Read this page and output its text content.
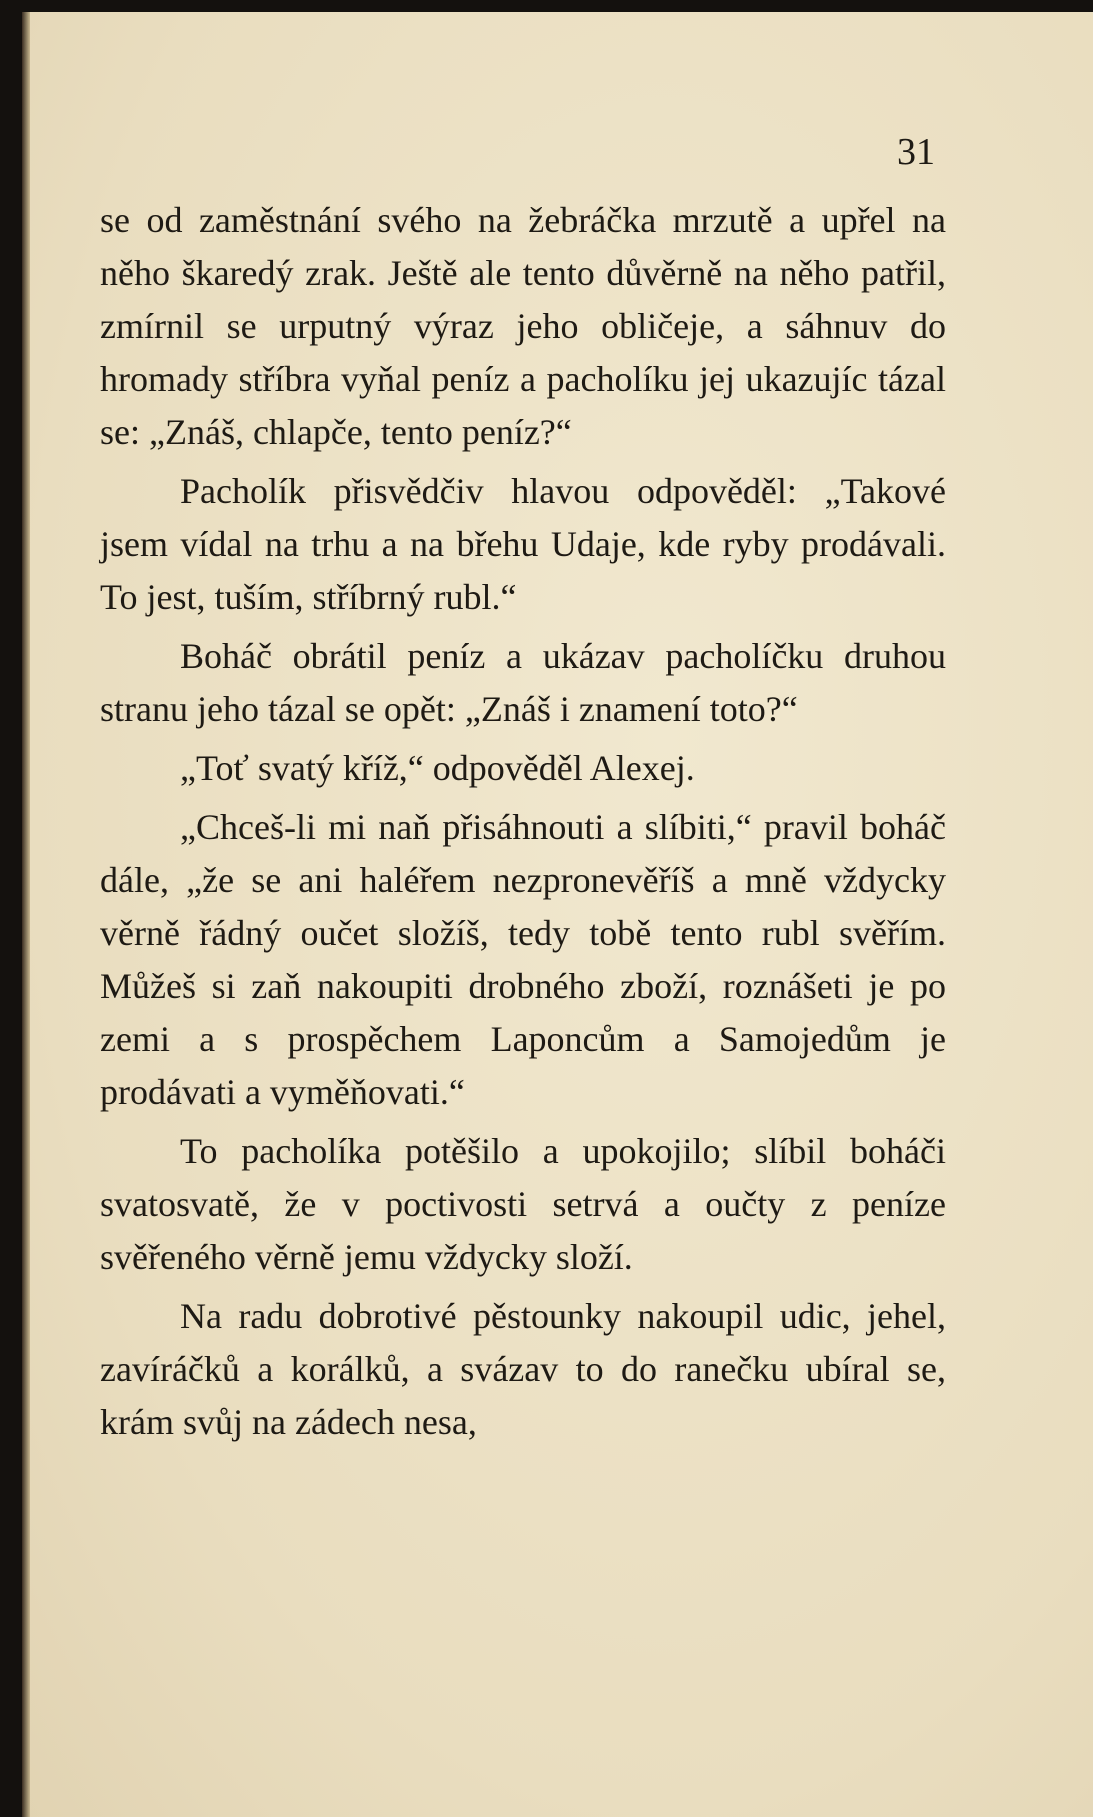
31

se od zaměstnání svého na žebráčka mrzutě a upřel na něho škaredý zrak. Ještě ale tento důvěrně na něho patřil, zmírnil se urputný výraz jeho obličeje, a sáhnuv do hromady stříbra vyňal peníz a pacholíku jej ukazujíc tázal se: „Znáš, chlapče, tento peníz?“

Pacholík přisvědčiv hlavou odpověděl: „Takové jsem vídal na trhu a na břehu Udaje, kde ryby prodávali. To jest, tuším, stříbrný rubl.“

Boháč obrátil peníz a ukázav pacholíčku druhou stranu jeho tázal se opět: „Znáš i znamení toto?“

„Toť svatý kříž,“ odpověděl Alexej.

„Chceš-li mi naň přisáhnouti a slíbiti,“ pravil boháč dále, „že se ani haléřem nezpronevěříš a mně vždycky věrně řádný oučet složíš, tedy tobě tento rubl svěřím. Můžeš si zaň nakoupiti drobného zboží, roznášeti je po zemi a s prospěchem Laponcům a Samojedům je prodávati a vyměňovati.“

To pacholíka potěšilo a upokojilo; slíbil boháči svatosvatě, že v poctivosti setrvá a oučty z peníze svěřeného věrně jemu vždycky složí.

Na radu dobrotivé pěstounky nakoupil udic, jehel, zavíráčků a korálků, a svázav to do ranečku ubíral se, krám svůj na zádech nesa,
